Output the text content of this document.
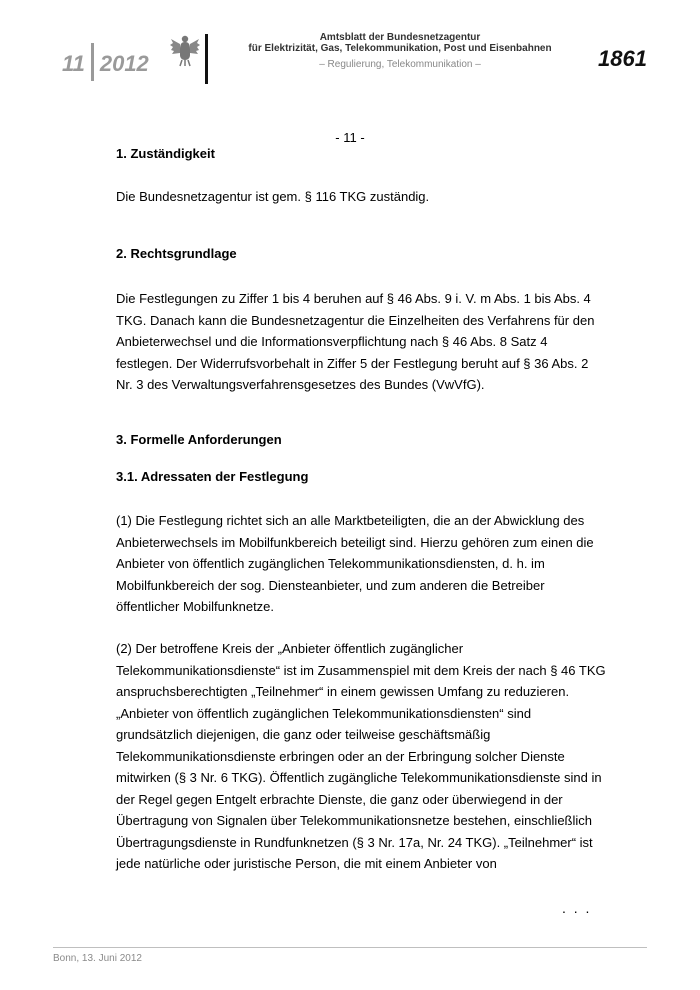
11 2012
Amtsblatt der Bundesnetzagentur
für Elektrizität, Gas, Telekommunikation, Post und Eisenbahnen
– Regulierung, Telekommunikation –	1861
- 11 -
1. Zuständigkeit
Die Bundesnetzagentur ist gem. § 116 TKG zuständig.
2. Rechtsgrundlage
Die Festlegungen zu Ziffer 1 bis 4 beruhen auf § 46 Abs. 9 i. V. m Abs. 1 bis Abs. 4
TKG. Danach kann die Bundesnetzagentur die Einzelheiten des Verfahrens für den
Anbieterwechsel und die Informationsverpflichtung nach § 46 Abs. 8 Satz 4
festlegen. Der Widerrufsvorbehalt in Ziffer 5 der Festlegung beruht auf § 36 Abs. 2
Nr. 3 des Verwaltungsverfahrensgesetzes des Bundes (VwVfG).
3. Formelle Anforderungen
3.1. Adressaten der Festlegung
(1) Die Festlegung richtet sich an alle Marktbeteiligten, die an der Abwicklung des
Anbieterwechsels im Mobilfunkbereich beteiligt sind. Hierzu gehören zum einen die
Anbieter von öffentlich zugänglichen Telekommunikationsdiensten, d. h. im
Mobilfunkbereich der sog. Diensteanbieter, und zum anderen die Betreiber
öffentlicher Mobilfunknetze.
(2) Der betroffene Kreis der „Anbieter öffentlich zugänglicher
Telekommunikationsdienste“ ist im Zusammenspiel mit dem Kreis der nach § 46 TKG
anspruchsberechtigten „Teilnehmer“ in einem gewissen Umfang zu reduzieren.
„Anbieter von öffentlich zugänglichen Telekommunikationsdiensten“ sind
grundsätzlich diejenigen, die ganz oder teilweise geschäftsmäßig
Telekommunikationsdienste erbringen oder an der Erbringung solcher Dienste
mitwirken (§ 3 Nr. 6 TKG). Öffentlich zugängliche Telekommunikationsdienste sind in
der Regel gegen Entgelt erbrachte Dienste, die ganz oder überwiegend in der
Übertragung von Signalen über Telekommunikationsnetze bestehen, einschließlich
Übertragungsdienste in Rundfunknetzen (§ 3 Nr. 17a, Nr. 24 TKG). „Teilnehmer“ ist
jede natürliche oder juristische Person, die mit einem Anbieter von
. . .
Bonn, 13. Juni 2012
